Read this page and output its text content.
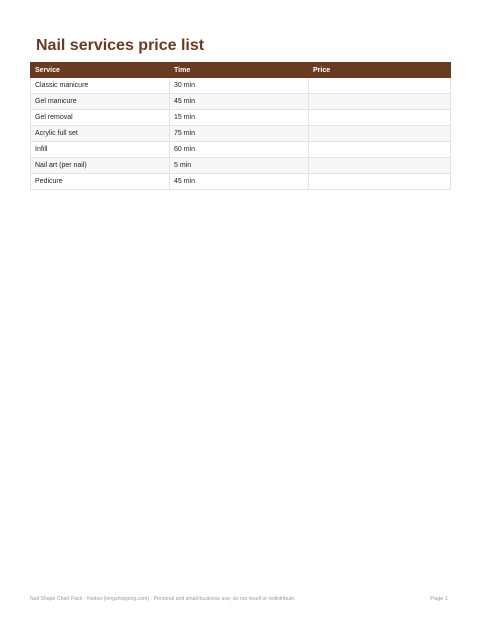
Nail services price list
Service	Time	Price
Classic manicure	30 min	
Gel manicure	45 min	
Gel removal	15 min	
Acrylic full set	75 min	
Infill	60 min	
Nail art (per nail)	5 min	
Pedicure	45 min	
Nail Shape Chart Pack · Kedoo (longshopping.com) · Personal and small-business use; do not resell or redistribute.	Page 1
